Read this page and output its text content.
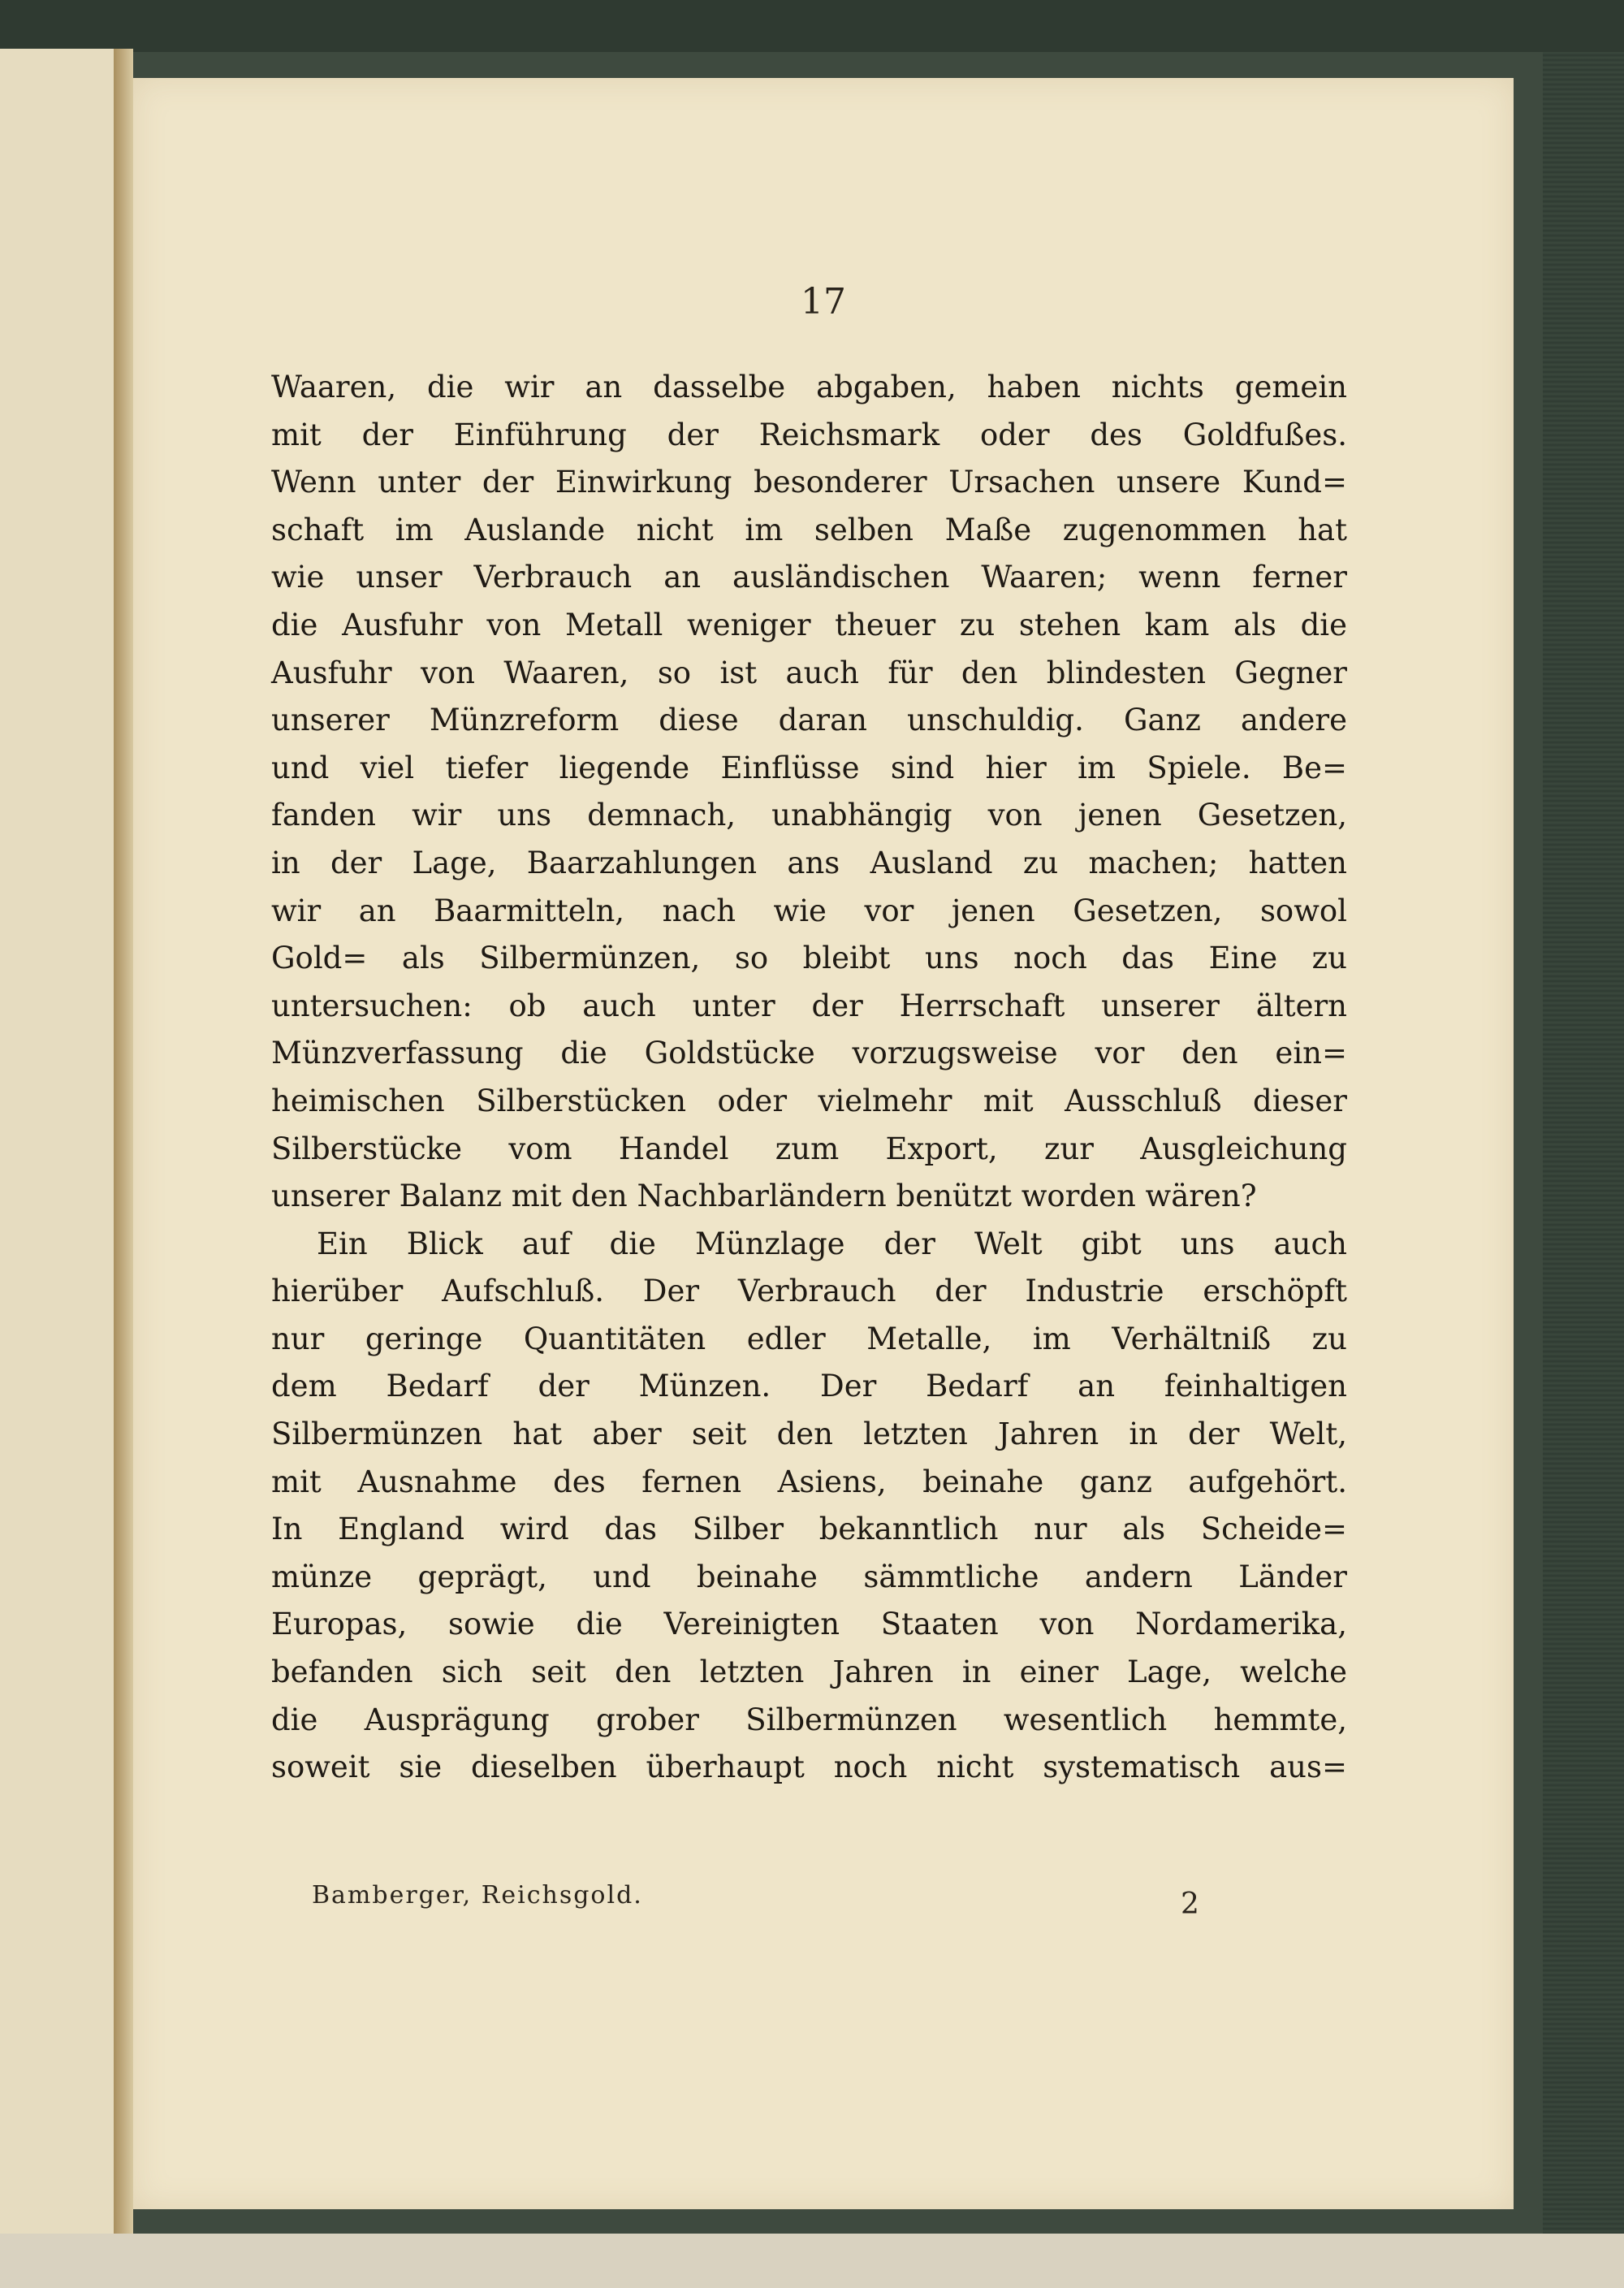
17
Waaren, die wir an dasselbe abgaben, haben nichts gemein
mit der Einführung der Reichsmark oder des Goldfußes.
Wenn unter der Einwirkung besonderer Ursachen unsere Kund=
schaft im Auslande nicht im selben Maße zugenommen hat
wie unser Verbrauch an ausländischen Waaren; wenn ferner
die Ausfuhr von Metall weniger theuer zu stehen kam als die
Ausfuhr von Waaren, so ist auch für den blindesten Gegner
unserer Münzreform diese daran unschuldig. Ganz andere
und viel tiefer liegende Einflüsse sind hier im Spiele. Be=
fanden wir uns demnach, unabhängig von jenen Gesetzen,
in der Lage, Baarzahlungen ans Ausland zu machen; hatten
wir an Baarmitteln, nach wie vor jenen Gesetzen, sowol
Gold= als Silbermünzen, so bleibt uns noch das Eine zu
untersuchen: ob auch unter der Herrschaft unserer ältern
Münzverfassung die Goldstücke vorzugsweise vor den ein=
heimischen Silberstücken oder vielmehr mit Ausschluß dieser
Silberstücke vom Handel zum Export, zur Ausgleichung
unserer Balanz mit den Nachbarländern benützt worden wären?
Ein Blick auf die Münzlage der Welt gibt uns auch
hierüber Aufschluß. Der Verbrauch der Industrie erschöpft
nur geringe Quantitäten edler Metalle, im Verhältniß zu
dem Bedarf der Münzen. Der Bedarf an feinhaltigen
Silbermünzen hat aber seit den letzten Jahren in der Welt,
mit Ausnahme des fernen Asiens, beinahe ganz aufgehört.
In England wird das Silber bekanntlich nur als Scheide=
münze geprägt, und beinahe sämmtliche andern Länder
Europas, sowie die Vereinigten Staaten von Nordamerika,
befanden sich seit den letzten Jahren in einer Lage, welche
die Ausprägung grober Silbermünzen wesentlich hemmte,
soweit sie dieselben überhaupt noch nicht systematisch aus=
Bamberger, Reichsgold.	2
